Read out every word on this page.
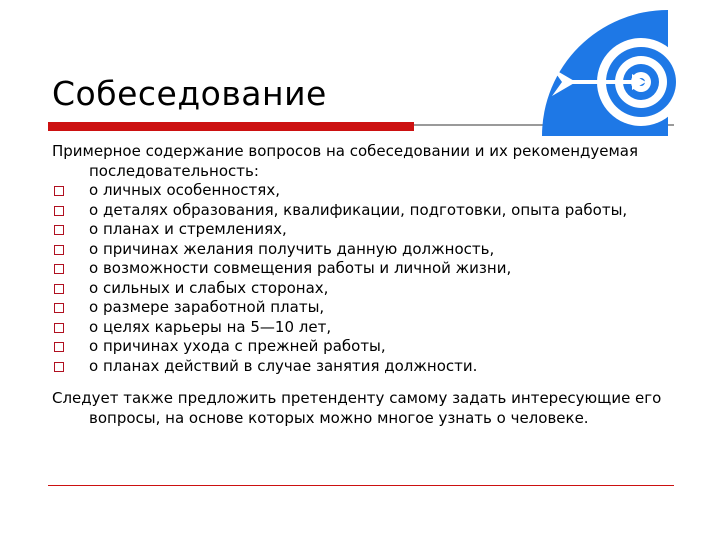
Собеседование

Примерное содержание вопросов на собеседовании и их рекомендуемая последовательность:

о личных особенностях,
о деталях образования, квалификации, подготовки, опыта работы,
о планах и стремлениях,
о причинах желания получить данную должность,
о возможности совмещения работы и личной жизни,
о сильных и слабых сторонах,
о размере заработной платы,
о целях карьеры на 5—10 лет,
о причинах ухода с прежней работы,
о планах действий в случае занятия должности.

Следует также предложить претенденту самому задать интересующие его вопросы, на основе которых можно многое узнать о человеке.
